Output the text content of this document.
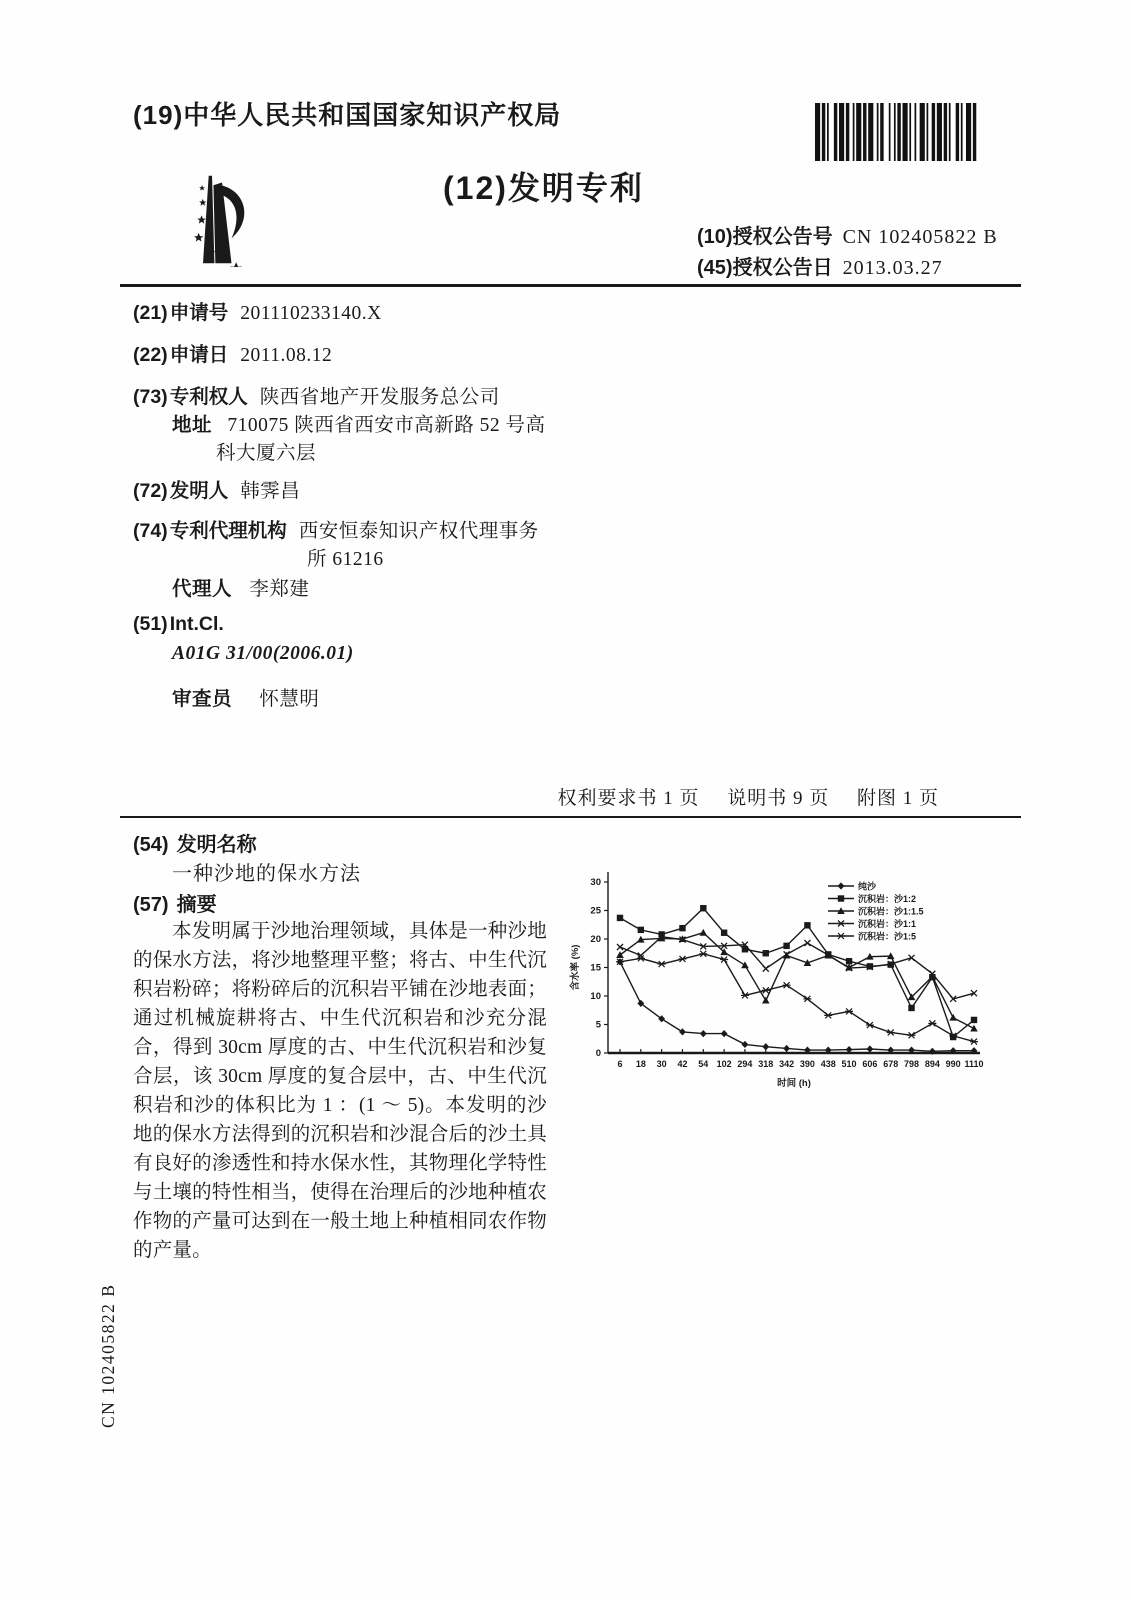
(19)中华人民共和国国家知识产权局
(12)发明专利
(10)授权公告号 CN 102405822 B
(45)授权公告日 2013.03.27
(21) 申请号 201110233140.X
(22) 申请日 2011.08.12
(73) 专利权人 陕西省地产开发服务总公司
地址 710075 陕西省西安市高新路 52 号高
科大厦六层
(72) 发明人 韩霁昌
(74) 专利代理机构 西安恒泰知识产权代理事务
所 61216
代理人 李郑建
(51) Int.Cl.
A01G 31/00(2006.01)
审查员 怀慧明
权利要求书 1 页 说明书 9 页 附图 1 页
(54) 发明名称
一种沙地的保水方法
(57) 摘要
本发明属于沙地治理领域，具体是一种沙地的保水方法，将沙地整理平整；将古、中生代沉积岩粉碎；将粉碎后的沉积岩平铺在沙地表面；通过机械旋耕将古、中生代沉积岩和沙充分混合，得到 30cm 厚度的古、中生代沉积岩和沙复合层，该 30cm 厚度的复合层中，古、中生代沉积岩和沙的体积比为 1 ：(1 ～ 5)。本发明的沙地的保水方法得到的沉积岩和沙混合后的沙土具有良好的渗透性和持水保水性，其物理化学特性与土壤的特性相当，使得在治理后的沙地种植农作物的产量可达到在一般土地上种植相同农作物的产量。
0
5
10
15
20
25
30
6 18 30 42 54 102 294 318 342 390 438 510 606 678 798 894 990 1110
时间 (h)
含水率 (%)
纯沙
沉积岩：沙1:2
沉积岩：沙1:1.5
沉积岩：沙1:1
沉积岩：沙1:5
CN 102405822 B
